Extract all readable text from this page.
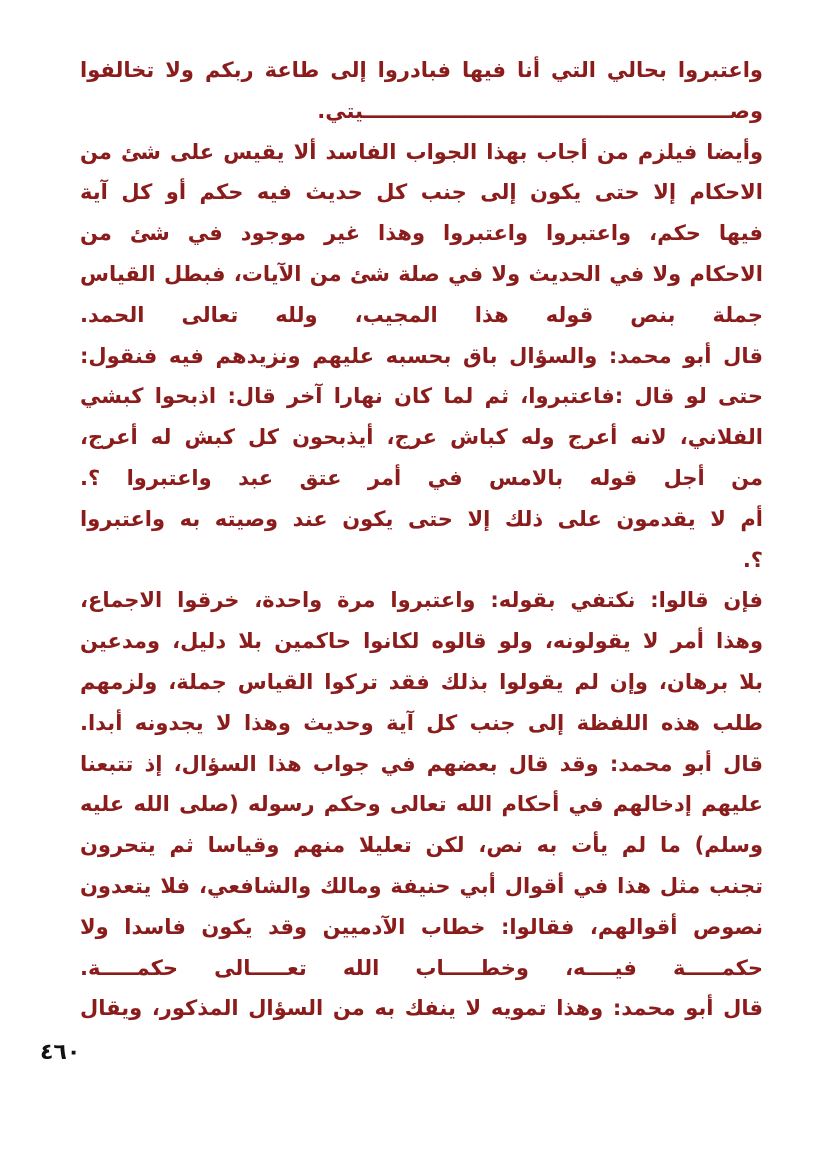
واعتبروا بحالي التي أنا فيها فبادروا إلى طاعة ربكم ولا تخالفوا
وصـــــــــــــــــــــــــــــــــــــــــــــــــــيتي.
وأيضا فيلزم من أجاب بهذا الجواب الفاسد ألا يقيس على شئ من
الاحكام إلا حتى يكون إلى جنب كل حديث فيه حكم أو كل آية
فيها حكم، واعتبروا واعتبروا وهذا غير موجود في شئ من
الاحكام ولا في الحديث ولا في صلة شئ من الآيات، فبطل القياس
جملة بنص قوله هذا المجيب، ولله تعالى الحمد.
قال أبو محمد: والسؤال باق بحسبه عليهم ونزيدهم فيه فنقول:
حتى لو قال :فاعتبروا، ثم لما كان نهارا آخر قال: اذبحوا كبشي
الفلاني، لانه أعرج وله كباش عرج، أيذبحون كل كبش له أعرج،
من أجل قوله بالامس في أمر عتق عبد واعتبروا ؟.
أم لا يقدمون على ذلك إلا حتى يكون عند وصيته به واعتبروا
؟.
فإن قالوا: نكتفي بقوله: واعتبروا مرة واحدة، خرقوا الاجماع،
وهذا أمر لا يقولونه، ولو قالوه لكانوا حاكمين بلا دليل، ومدعين
بلا برهان، وإن لم يقولوا بذلك فقد تركوا القياس جملة، ولزمهم
طلب هذه اللفظة إلى جنب كل آية وحديث وهذا لا يجدونه أبدا.
قال أبو محمد: وقد قال بعضهم في جواب هذا السؤال، إذ تتبعنا
عليهم إدخالهم في أحكام الله تعالى وحكم رسوله (صلى الله عليه
وسلم) ما لم يأت به نص، لكن تعليلا منهم وقياسا ثم يتحرون
تجنب مثل هذا في أقوال أبي حنيفة ومالك والشافعي، فلا يتعدون
نصوص أقوالهم، فقالوا: خطاب الآدميين وقد يكون فاسدا ولا
حكمـــــة فيــــه، وخطـــــاب الله تعـــــالى حكمـــــة.
قال أبو محمد: وهذا تمويه لا ينفك به من السؤال المذكور، ويقال
٤٦٠
